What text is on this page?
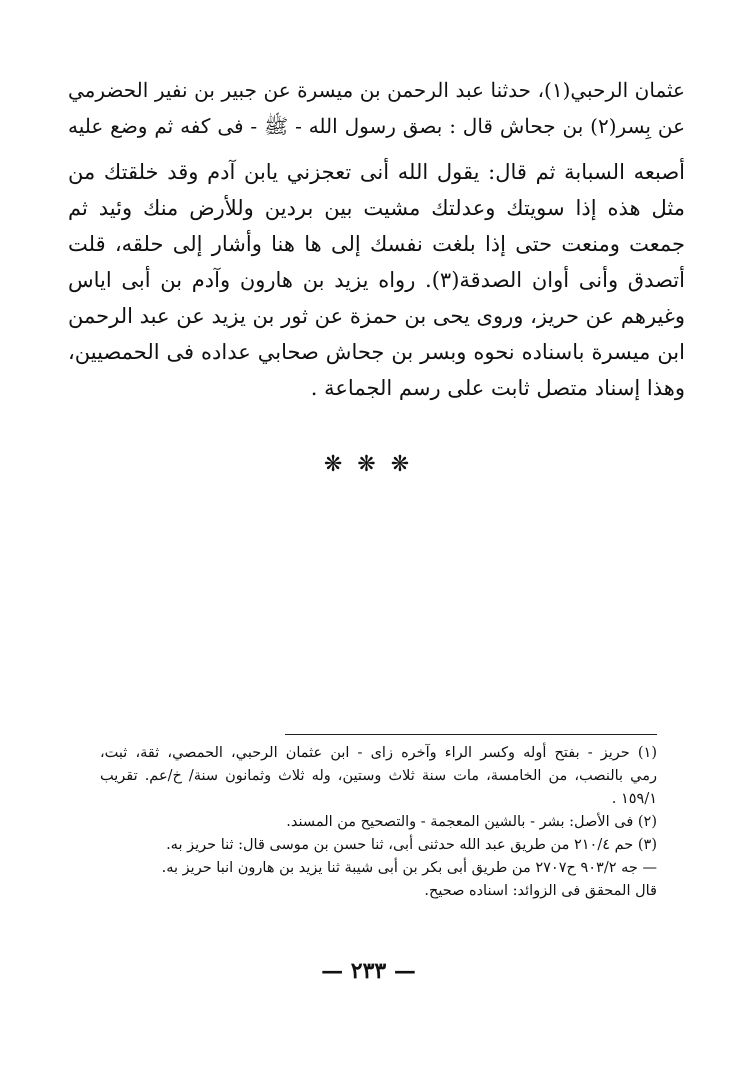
عثمان الرحبي(١)، حدثنا عبد الرحمن بن ميسرة عن جبير بن نفير الحضرمي
عن بِسر(٢) بن جحاش قال : بصق رسول الله - ﷺ - فى كفه ثم وضع عليه
أصبعه السبابة ثم قال: يقول الله أنى تعجزني يابن آدم وقد خلقتك من
مثل هذه إذا سويتك وعدلتك مشيت بين بردين وللأرض منك وئيد ثم
جمعت ومنعت حتى إذا بلغت نفسك إلى ها هنا وأشار إلى حلقه، قلت
أتصدق وأنى أوان الصدقة(٣). رواه يزيد بن هارون وآدم بن أبى اياس
وغيرهم عن حريز، وروى يحى بن حمزة عن ثور بن يزيد عن عبد الرحمن
ابن ميسرة باسناده نحوه وبسر بن جحاش صحابي عداده فى الحمصيين،
وهذا إسناد متصل ثابت على رسم الجماعة .
❋ ❋ ❋
(١) حريز - بفتح أوله وكسر الراء وآخره زاى - ابن عثمان الرحبي، الحمصي، ثقة، ثبت،
رمي بالنصب، من الخامسة، مات سنة ثلاث وستين، وله ثلاث وثمانون سنة/ خ/عم. تقريب
١٥٩/١ .
(٢) فى الأصل: بشر - بالشين المعجمة - والتصحيح من المسند.
(٣) حم ٢١٠/٤ من طريق عبد الله حدثنى أبى، ثنا حسن بن موسى قال: ثنا حريز به.
— جه ٩٠٣/٢ ح٢٧٠٧ من طريق أبى بكر بن أبى شيبة ثنا يزيد بن هارون انبا حريز به.
قال المحقق فى الزوائد: اسناده صحيح.
— ٢٣٣ —
